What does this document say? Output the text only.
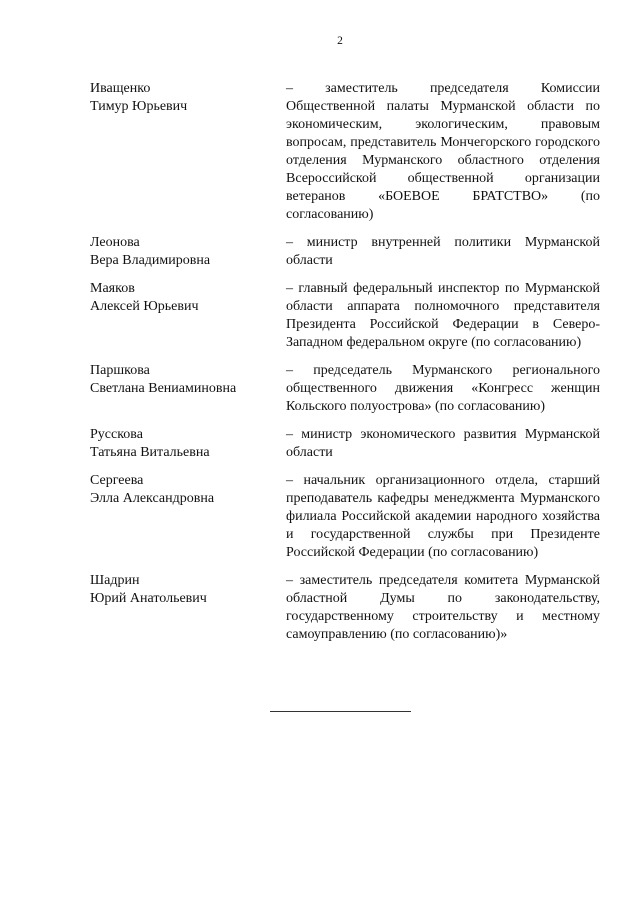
2
Иващенко
Тимур Юрьевич
– заместитель председателя Комиссии Общественной палаты Мурманской области по экономическим, экологическим, правовым вопросам, представитель Мончегорского городского отделения Мурманского областного отделения Всероссийской общественной организации ветеранов «БОЕВОЕ БРАТСТВО» (по согласованию)
Леонова
Вера Владимировна
– министр внутренней политики Мурманской области
Маяков
Алексей Юрьевич
– главный федеральный инспектор по Мурманской области аппарата полномочного представителя Президента Российской Федерации в Северо-Западном федеральном округе (по согласованию)
Паршкова
Светлана Вениаминовна
– председатель Мурманского регионального общественного движения «Конгресс женщин Кольского полуострова» (по согласованию)
Русскова
Татьяна Витальевна
– министр экономического развития Мурманской области
Сергеева
Элла Александровна
– начальник организационного отдела, старший преподаватель кафедры менеджмента Мурманского филиала Российской академии народного хозяйства и государственной службы при Президенте Российской Федерации (по согласованию)
Шадрин
Юрий Анатольевич
– заместитель председателя комитета Мурманской областной Думы по законодательству, государственному строительству и местному самоуправлению (по согласованию)»
